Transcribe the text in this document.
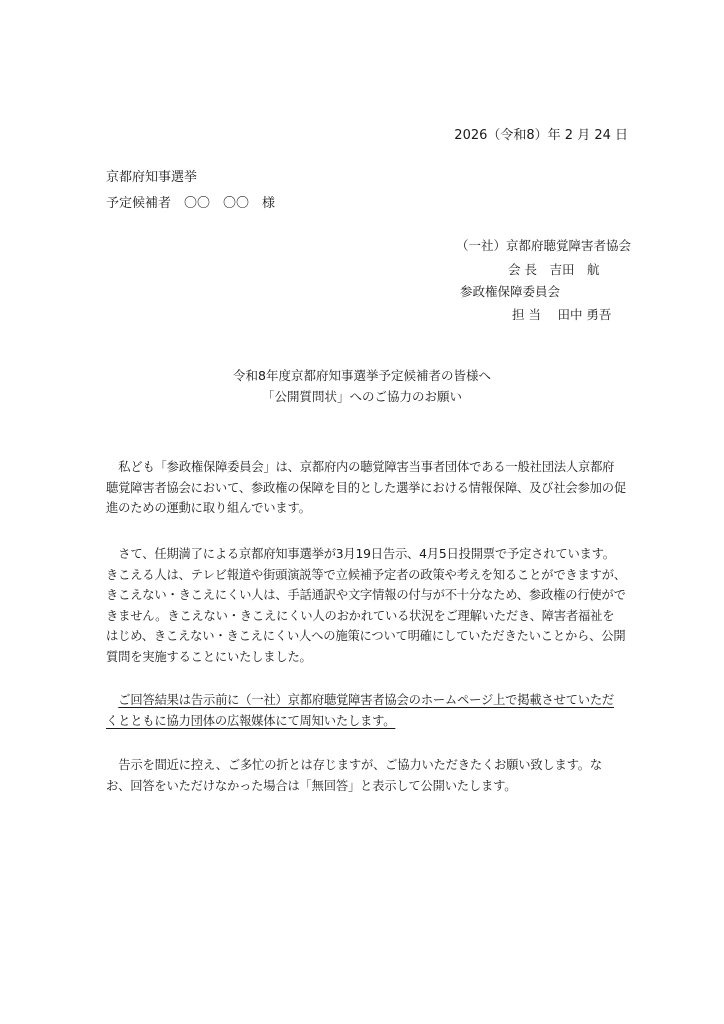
2026（令和8）年 2 月 24 日
京都府知事選挙
予定候補者　〇〇　〇〇　様
（一社）京都府聴覚障害者協会
会 長　吉田　航
参政権保障委員会
担 当　 田中 勇吾
令和8年度京都府知事選挙予定候補者の皆様へ
「公開質問状」へのご協力のお願い
私ども「参政権保障委員会」は、京都府内の聴覚障害当事者団体である一般社団法人京都府聴覚障害者協会において、参政権の保障を目的とした選挙における情報保障、及び社会参加の促進のための運動に取り組んでいます。
さて、任期満了による京都府知事選挙が3月19日告示、4月5日投開票で予定されています。きこえる人は、テレビ報道や街頭演説等で立候補予定者の政策や考えを知ることができますが、きこえない・きこえにくい人は、手話通訳や文字情報の付与が不十分なため、参政権の行使ができません。きこえない・きこえにくい人のおかれている状況をご理解いただき、障害者福祉をはじめ、きこえない・きこえにくい人への施策について明確にしていただきたいことから、公開質問を実施することにいたしました。
ご回答結果は告示前に（一社）京都府聴覚障害者協会のホームページ上で掲載させていただくとともに協力団体の広報媒体にて周知いたします。
告示を間近に控え、ご多忙の折とは存じますが、ご協力いただきたくお願い致します。なお、回答をいただけなかった場合は「無回答」と表示して公開いたします。
